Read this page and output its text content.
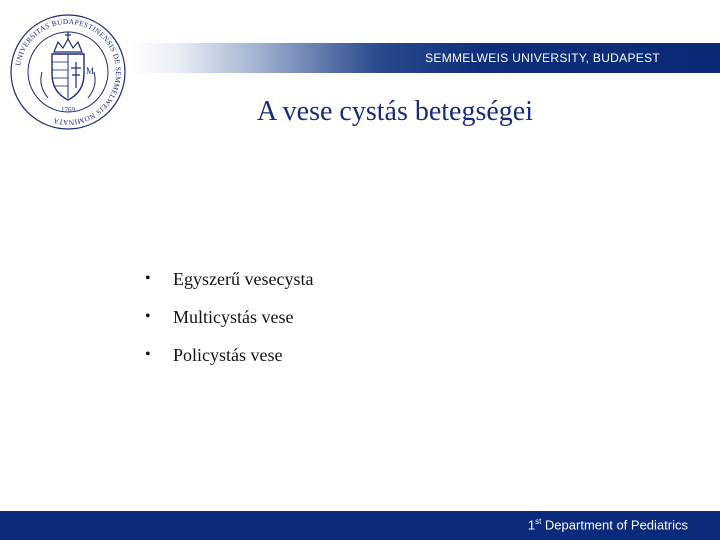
SEMMELWEIS UNIVERSITY, BUDAPEST
UNIVERSITAS BUDAPESTINENSIS DE SEMMELWEIS NOMINATA
M
1769	A vese cystás betegségei
•	Egyszerű vesecysta
•	Multicystás vese
•	Policystás vese
1st Department of Pediatrics
